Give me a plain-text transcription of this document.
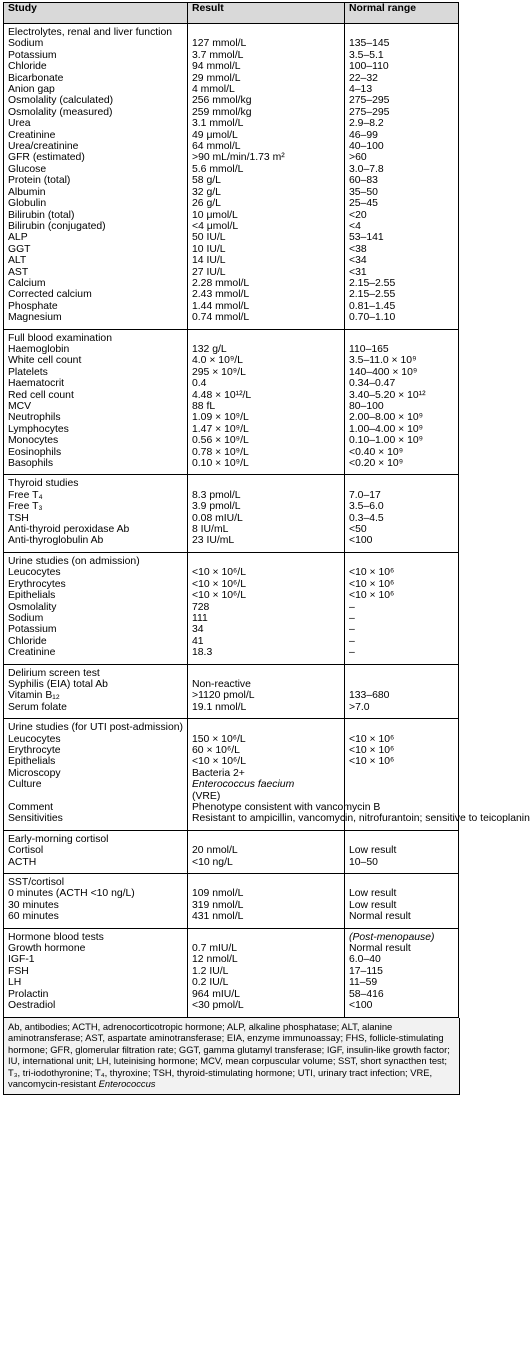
Study	Result	Normal range
Electrolytes, renal and liver function		
Sodium	127 mmol/L	135–145
Potassium	3.7 mmol/L	3.5–5.1
Chloride	94 mmol/L	100–110
Bicarbonate	29 mmol/L	22–32
Anion gap	4 mmol/L	4–13
Osmolality (calculated)	256 mmol/kg	275–295
Osmolality (measured)	259 mmol/kg	275–295
Urea	3.1 mmol/L	2.9–8.2
Creatinine	49 μmol/L	46–99
Urea/creatinine	64 mmol/L	40–100
GFR (estimated)	>90 mL/min/1.73 m²	>60
Glucose	5.6 mmol/L	3.0–7.8
Protein (total)	58 g/L	60–83
Albumin	32 g/L	35–50
Globulin	26 g/L	25–45
Bilirubin (total)	10 μmol/L	<20
Bilirubin (conjugated)	<4 μmol/L	<4
ALP	50 IU/L	53–141
GGT	10 IU/L	<38
ALT	14 IU/L	<34
AST	27 IU/L	<31
Calcium	2.28 mmol/L	2.15–2.55
Corrected calcium	2.43 mmol/L	2.15–2.55
Phosphate	1.44 mmol/L	0.81–1.45
Magnesium	0.74 mmol/L	0.70–1.10

Full blood examination		
Haemoglobin	132 g/L	110–165
White cell count	4.0 × 10⁹/L	3.5–11.0 × 10⁹
Platelets	295 × 10⁹/L	140–400 × 10⁹
Haematocrit	0.4	0.34–0.47
Red cell count	4.48 × 10¹²/L	3.40–5.20 × 10¹²
MCV	88 fL	80–100
Neutrophils	1.09 × 10⁹/L	2.00–8.00 × 10⁹
Lymphocytes	1.47 × 10⁹/L	1.00–4.00 × 10⁹
Monocytes	0.56 × 10⁹/L	0.10–1.00 × 10⁹
Eosinophils	0.78 × 10⁹/L	<0.40 × 10⁹
Basophils	0.10 × 10⁹/L	<0.20 × 10⁹

Thyroid studies		
Free T₄	8.3 pmol/L	7.0–17
Free T₃	3.9 pmol/L	3.5–6.0
TSH	0.08 mIU/L	0.3–4.5
Anti-thyroid peroxidase Ab	8 IU/mL	<50
Anti-thyroglobulin Ab	23 IU/mL	<100

Urine studies (on admission)		
Leucocytes	<10 × 10⁶/L	<10 × 10⁶
Erythrocytes	<10 × 10⁶/L	<10 × 10⁶
Epithelials	<10 × 10⁶/L	<10 × 10⁶
Osmolality	728	–
Sodium	111	–
Potassium	34	–
Chloride	41	–
Creatinine	18.3	–

Delirium screen test		
Syphilis (EIA) total Ab	Non-reactive	
Vitamin B₁₂	>1120 pmol/L	133–680
Serum folate	19.1 nmol/L	>7.0

Urine studies (for UTI post-admission)		
Leucocytes	150 × 10⁶/L	<10 × 10⁶
Erythrocyte	60 × 10⁶/L	<10 × 10⁶
Epithelials	<10 × 10⁶/L	<10 × 10⁶
Microscopy	Bacteria 2+	
Culture	Enterococcus faecium
(VRE)	
Comment	Phenotype consistent with vancomycin B	
Sensitivities	Resistant to ampicillin, vancomycin, nitrofurantoin; sensitive to teicoplanin	

Early-morning cortisol		
Cortisol	20 nmol/L	Low result
ACTH	<10 ng/L	10–50

SST/cortisol		
0 minutes (ACTH <10 ng/L)	109 nmol/L	Low result
30 minutes	319 nmol/L	Low result
60 minutes	431 nmol/L	Normal result

Hormone blood tests		(Post-menopause)
Growth hormone	0.7 mIU/L	Normal result
IGF-1	12 nmol/L	6.0–40
FSH	1.2 IU/L	17–115
LH	0.2 IU/L	11–59
Prolactin	964 mIU/L	58–416
Oestradiol	<30 pmol/L	<100

Ab, antibodies; ACTH, adrenocorticotropic hormone; ALP, alkaline phosphatase; ALT, alanine aminotransferase; AST, aspartate aminotransferase; EIA, enzyme immunoassay; FHS, follicle-stimulating hormone; GFR, glomerular filtration rate; GGT, gamma glutamyl transferase; IGF, insulin-like growth factor; IU, international unit; LH, luteinising hormone; MCV, mean corpuscular volume; SST, short synacthen test; T₃, tri-iodothyronine; T₄, thyroxine; TSH, thyroid-stimulating hormone; UTI, urinary tract infection; VRE, vancomycin-resistant Enterococcus
